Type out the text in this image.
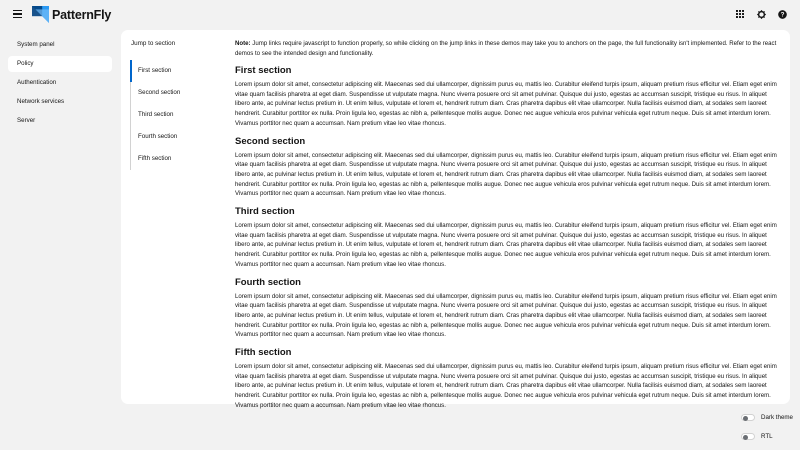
PatternFly	?
System panel
Policy
Authentication
Network services
Server
Jump to section
First section
Second section
Third section
Fourth section
Fifth section

Note: Jump links require javascript to function properly, so while clicking on the jump links in these demos may take you to anchors on the page, the full functionality isn't implemented. Refer to the react demos to see the intended design and functionality.

First section

Lorem ipsum dolor sit amet, consectetur adipiscing elit. Maecenas sed dui ullamcorper, dignissim purus eu, mattis leo. Curabitur eleifend turpis ipsum, aliquam pretium risus efficitur vel. Etiam eget enim vitae quam facilisis pharetra at eget diam. Suspendisse ut vulputate magna. Nunc viverra posuere orci sit amet pulvinar. Quisque dui justo, egestas ac accumsan suscipit, tristique eu risus. In aliquet libero ante, ac pulvinar lectus pretium in. Ut enim tellus, vulputate et lorem et, hendrerit rutrum diam. Cras pharetra dapibus elit vitae ullamcorper. Nulla facilisis euismod diam, at sodales sem laoreet hendrerit. Curabitur porttitor ex nulla. Proin ligula leo, egestas ac nibh a, pellentesque mollis augue. Donec nec augue vehicula eros pulvinar vehicula eget rutrum neque. Duis sit amet interdum lorem. Vivamus porttitor nec quam a accumsan. Nam pretium vitae leo vitae rhoncus.

Second section

Lorem ipsum dolor sit amet, consectetur adipiscing elit. Maecenas sed dui ullamcorper, dignissim purus eu, mattis leo. Curabitur eleifend turpis ipsum, aliquam pretium risus efficitur vel. Etiam eget enim vitae quam facilisis pharetra at eget diam. Suspendisse ut vulputate magna. Nunc viverra posuere orci sit amet pulvinar. Quisque dui justo, egestas ac accumsan suscipit, tristique eu risus. In aliquet libero ante, ac pulvinar lectus pretium in. Ut enim tellus, vulputate et lorem et, hendrerit rutrum diam. Cras pharetra dapibus elit vitae ullamcorper. Nulla facilisis euismod diam, at sodales sem laoreet hendrerit. Curabitur porttitor ex nulla. Proin ligula leo, egestas ac nibh a, pellentesque mollis augue. Donec nec augue vehicula eros pulvinar vehicula eget rutrum neque. Duis sit amet interdum lorem. Vivamus porttitor nec quam a accumsan. Nam pretium vitae leo vitae rhoncus.

Third section

Lorem ipsum dolor sit amet, consectetur adipiscing elit. Maecenas sed dui ullamcorper, dignissim purus eu, mattis leo. Curabitur eleifend turpis ipsum, aliquam pretium risus efficitur vel. Etiam eget enim vitae quam facilisis pharetra at eget diam. Suspendisse ut vulputate magna. Nunc viverra posuere orci sit amet pulvinar. Quisque dui justo, egestas ac accumsan suscipit, tristique eu risus. In aliquet libero ante, ac pulvinar lectus pretium in. Ut enim tellus, vulputate et lorem et, hendrerit rutrum diam. Cras pharetra dapibus elit vitae ullamcorper. Nulla facilisis euismod diam, at sodales sem laoreet hendrerit. Curabitur porttitor ex nulla. Proin ligula leo, egestas ac nibh a, pellentesque mollis augue. Donec nec augue vehicula eros pulvinar vehicula eget rutrum neque. Duis sit amet interdum lorem. Vivamus porttitor nec quam a accumsan. Nam pretium vitae leo vitae rhoncus.

Fourth section

Lorem ipsum dolor sit amet, consectetur adipiscing elit. Maecenas sed dui ullamcorper, dignissim purus eu, mattis leo. Curabitur eleifend turpis ipsum, aliquam pretium risus efficitur vel. Etiam eget enim vitae quam facilisis pharetra at eget diam. Suspendisse ut vulputate magna. Nunc viverra posuere orci sit amet pulvinar. Quisque dui justo, egestas ac accumsan suscipit, tristique eu risus. In aliquet libero ante, ac pulvinar lectus pretium in. Ut enim tellus, vulputate et lorem et, hendrerit rutrum diam. Cras pharetra dapibus elit vitae ullamcorper. Nulla facilisis euismod diam, at sodales sem laoreet hendrerit. Curabitur porttitor ex nulla. Proin ligula leo, egestas ac nibh a, pellentesque mollis augue. Donec nec augue vehicula eros pulvinar vehicula eget rutrum neque. Duis sit amet interdum lorem. Vivamus porttitor nec quam a accumsan. Nam pretium vitae leo vitae rhoncus.

Fifth section

Lorem ipsum dolor sit amet, consectetur adipiscing elit. Maecenas sed dui ullamcorper, dignissim purus eu, mattis leo. Curabitur eleifend turpis ipsum, aliquam pretium risus efficitur vel. Etiam eget enim vitae quam facilisis pharetra at eget diam. Suspendisse ut vulputate magna. Nunc viverra posuere orci sit amet pulvinar. Quisque dui justo, egestas ac accumsan suscipit, tristique eu risus. In aliquet libero ante, ac pulvinar lectus pretium in. Ut enim tellus, vulputate et lorem et, hendrerit rutrum diam. Cras pharetra dapibus elit vitae ullamcorper. Nulla facilisis euismod diam, at sodales sem laoreet hendrerit. Curabitur porttitor ex nulla. Proin ligula leo, egestas ac nibh a, pellentesque mollis augue. Donec nec augue vehicula eros pulvinar vehicula eget rutrum neque. Duis sit amet interdum lorem. Vivamus porttitor nec quam a accumsan. Nam pretium vitae leo vitae rhoncus.

Dark theme
RTL
